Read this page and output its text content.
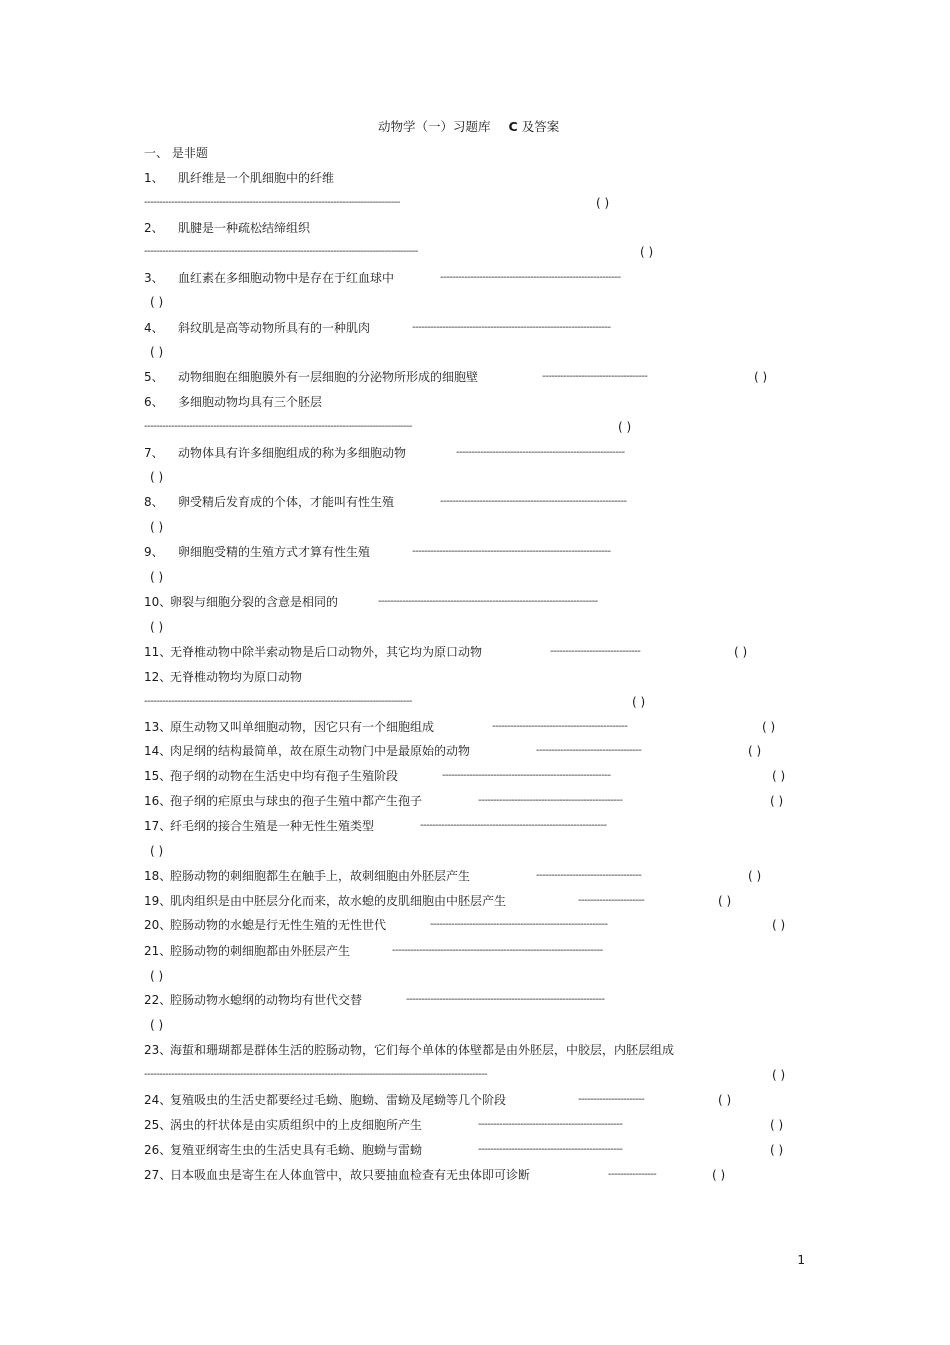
动物学（一）习题库 C 及答案
一、 是非题
1、 肌纤维是一个肌细胞中的纤维
-------------------------------------------------------------------------------------	( )
2、 肌腱是一种疏松结缔组织
-------------------------------------------------------------------------------------------	( )
3、 血红素在多细胞动物中是存在于红血球中	------------------------------------------------------------
( )
4、 斜纹肌是高等动物所具有的一种肌肉	------------------------------------------------------------------
( )
5、 动物细胞在细胞膜外有一层细胞的分泌物所形成的细胞壁	-----------------------------------	( )
6、 多细胞动物均具有三个胚层
-----------------------------------------------------------------------------------------	( )
7、 动物体具有许多细胞组成的称为多细胞动物	--------------------------------------------------------
( )
8、 卵受精后发育成的个体，才能叫有性生殖	--------------------------------------------------------------
( )
9、 卵细胞受精的生殖方式才算有性生殖	------------------------------------------------------------------
( )
10、
卵裂与细胞分裂的含意是相同的	-------------------------------------------------------------------------
( )
11、
无脊椎动物中除半索动物是后口动物外，其它均为原口动物	------------------------------	( )
12、
无脊椎动物均为原口动物
-----------------------------------------------------------------------------------------	( )
13、
原生动物又叫单细胞动物，因它只有一个细胞组成	---------------------------------------------	( )
14、
肉足纲的结构最简单，故在原生动物门中是最原始的动物	-----------------------------------	( )
15、
孢子纲的动物在生活史中均有孢子生殖阶段	--------------------------------------------------------	( )
16、
孢子纲的疟原虫与球虫的孢子生殖中都产生孢子	------------------------------------------------	( )
17、
纤毛纲的接合生殖是一种无性生殖类型	--------------------------------------------------------------
( )
18、
腔肠动物的刺细胞都生在触手上，故刺细胞由外胚层产生	-----------------------------------	( )
19、
肌肉组织是由中胚层分化而来，故水螅的皮肌细胞由中胚层产生	----------------------	( )
20、
腔肠动物的水螅是行无性生殖的无性世代	-----------------------------------------------------------	( )
21、
腔肠动物的刺细胞都由外胚层产生	----------------------------------------------------------------------
( )
22、
腔肠动物水螅纲的动物均有世代交替	------------------------------------------------------------------
( )
23、
海蜇和珊瑚都是群体生活的腔肠动物，它们每个单体的体壁都是由外胚层，中胶层，内胚层组成
------------------------------------------------------------------------------------------------------------------	( )
24、
复殖吸虫的生活史都要经过毛蚴、胞蚴、雷蚴及尾蚴等几个阶段	----------------------	( )
25、
涡虫的杆状体是由实质组织中的上皮细胞所产生	------------------------------------------------	( )
26、
复殖亚纲寄生虫的生活史具有毛蚴、胞蚴与雷蚴	------------------------------------------------	( )
27、
日本吸血虫是寄生在人体血管中，故只要抽血检查有无虫体即可诊断	----------------	( )
1
